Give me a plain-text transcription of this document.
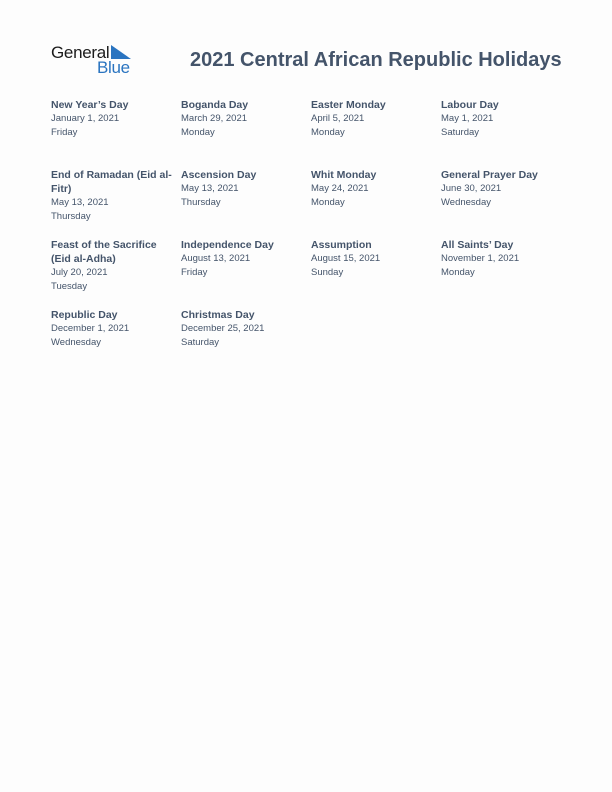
General
Blue	2021 Central African Republic Holidays
New Year’s Day
January 1, 2021
Friday
Boganda Day
March 29, 2021
Monday
Easter Monday
April 5, 2021
Monday
Labour Day
May 1, 2021
Saturday
End of Ramadan (Eid al-Fitr)
May 13, 2021
Thursday
Ascension Day
May 13, 2021
Thursday
Whit Monday
May 24, 2021
Monday
General Prayer Day
June 30, 2021
Wednesday
Feast of the Sacrifice (Eid al-Adha)
July 20, 2021
Tuesday
Independence Day
August 13, 2021
Friday
Assumption
August 15, 2021
Sunday
All Saints’ Day
November 1, 2021
Monday
Republic Day
December 1, 2021
Wednesday
Christmas Day
December 25, 2021
Saturday
